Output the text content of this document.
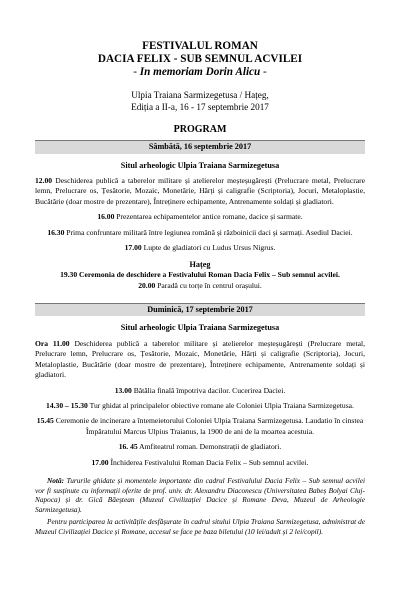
FESTIVALUL ROMAN
DACIA FELIX - SUB SEMNUL ACVILEI
- In memoriam Dorin Alicu -
Ulpia Traiana Sarmizegetusa / Hațeg,
Ediția a II-a, 16 - 17 septembrie 2017
PROGRAM
Sâmbătă, 16 septembrie 2017
Situl arheologic Ulpia Traiana Sarmizegetusa
12.00 Deschiderea publică a taberelor militare și atelierelor meșteșugărești (Prelucrare metal, Prelucrare lemn, Prelucrare os, Țesătorie, Mozaic, Monetărie, Hărți și caligrafie (Scriptoria), Jocuri, Metaloplastie, Bucătărie (doar mostre de prezentare), Întreținere echipamente, Antrenamente soldați și gladiatori.
16.00 Prezentarea echipamentelor antice romane, dacice și sarmate.
16.30 Prima confruntare militară între legiunea română și războinicii daci și sarmați. Asediul Daciei.
17.00 Lupte de gladiatori cu Ludus Ursus Nigrus.
Hațeg
19.30 Ceremonia de deschidere a Festivalului Roman Dacia Felix – Sub semnul acvilei.
20.00 Paradă cu torțe în centrul orașului.
Duminică, 17 septembrie 2017
Situl arheologic Ulpia Traiana Sarmizegetusa
Ora 11.00 Deschiderea publică a taberelor militare și atelierelor meșteșugărești (Prelucrare metal, Prelucrare lemn, Prelucrare os, Țesătorie, Mozaic, Monetărie, Hărți și caligrafie (Scriptoria), Jocuri, Metaloplastie, Bucătărie (doar mostre de prezentare), Întreținere echipamente, Antrenamente soldați și gladiatori.
13.00 Bătălia finală împotriva dacilor. Cucerirea Daciei.
14.30 – 15.30 Tur ghidat al principalelor obiective romane ale Coloniei Ulpia Traiana Sarmizegetusa.
15.45 Ceremonie de incinerare a întemeietorului Coloniei Ulpia Traiana Sarmizegetusa. Laudatio în cinstea Împăratului Marcus Ulpius Traianus, la 1900 de ani de la moartea acestuia.
16. 45 Amfiteatrul roman. Demonstrații de gladiatori.
17.00 Închiderea Festivalului Roman Dacia Felix – Sub semnul acvilei.
Notă: Tururile ghidate și momentele importante din cadrul Festivalului Dacia Felix – Sub semnul acvilei vor fi susținute cu informații oferite de prof. univ. dr. Alexandru Diaconescu (Universitatea Babeș Bolyai Cluj-Napoca) și dr. Gică Băeștean (Muzeul Civilizației Dacice și Romane Deva, Muzeul de Arheologie Sarmizegetusa).
Pentru participarea la activitățile desfășurate în cadrul sitului Ulpia Traiana Sarmizegetusa, administrat de Muzeul Civilizației Dacice și Romane, accesul se face pe baza biletului (10 lei/adult și 2 lei/copil).
